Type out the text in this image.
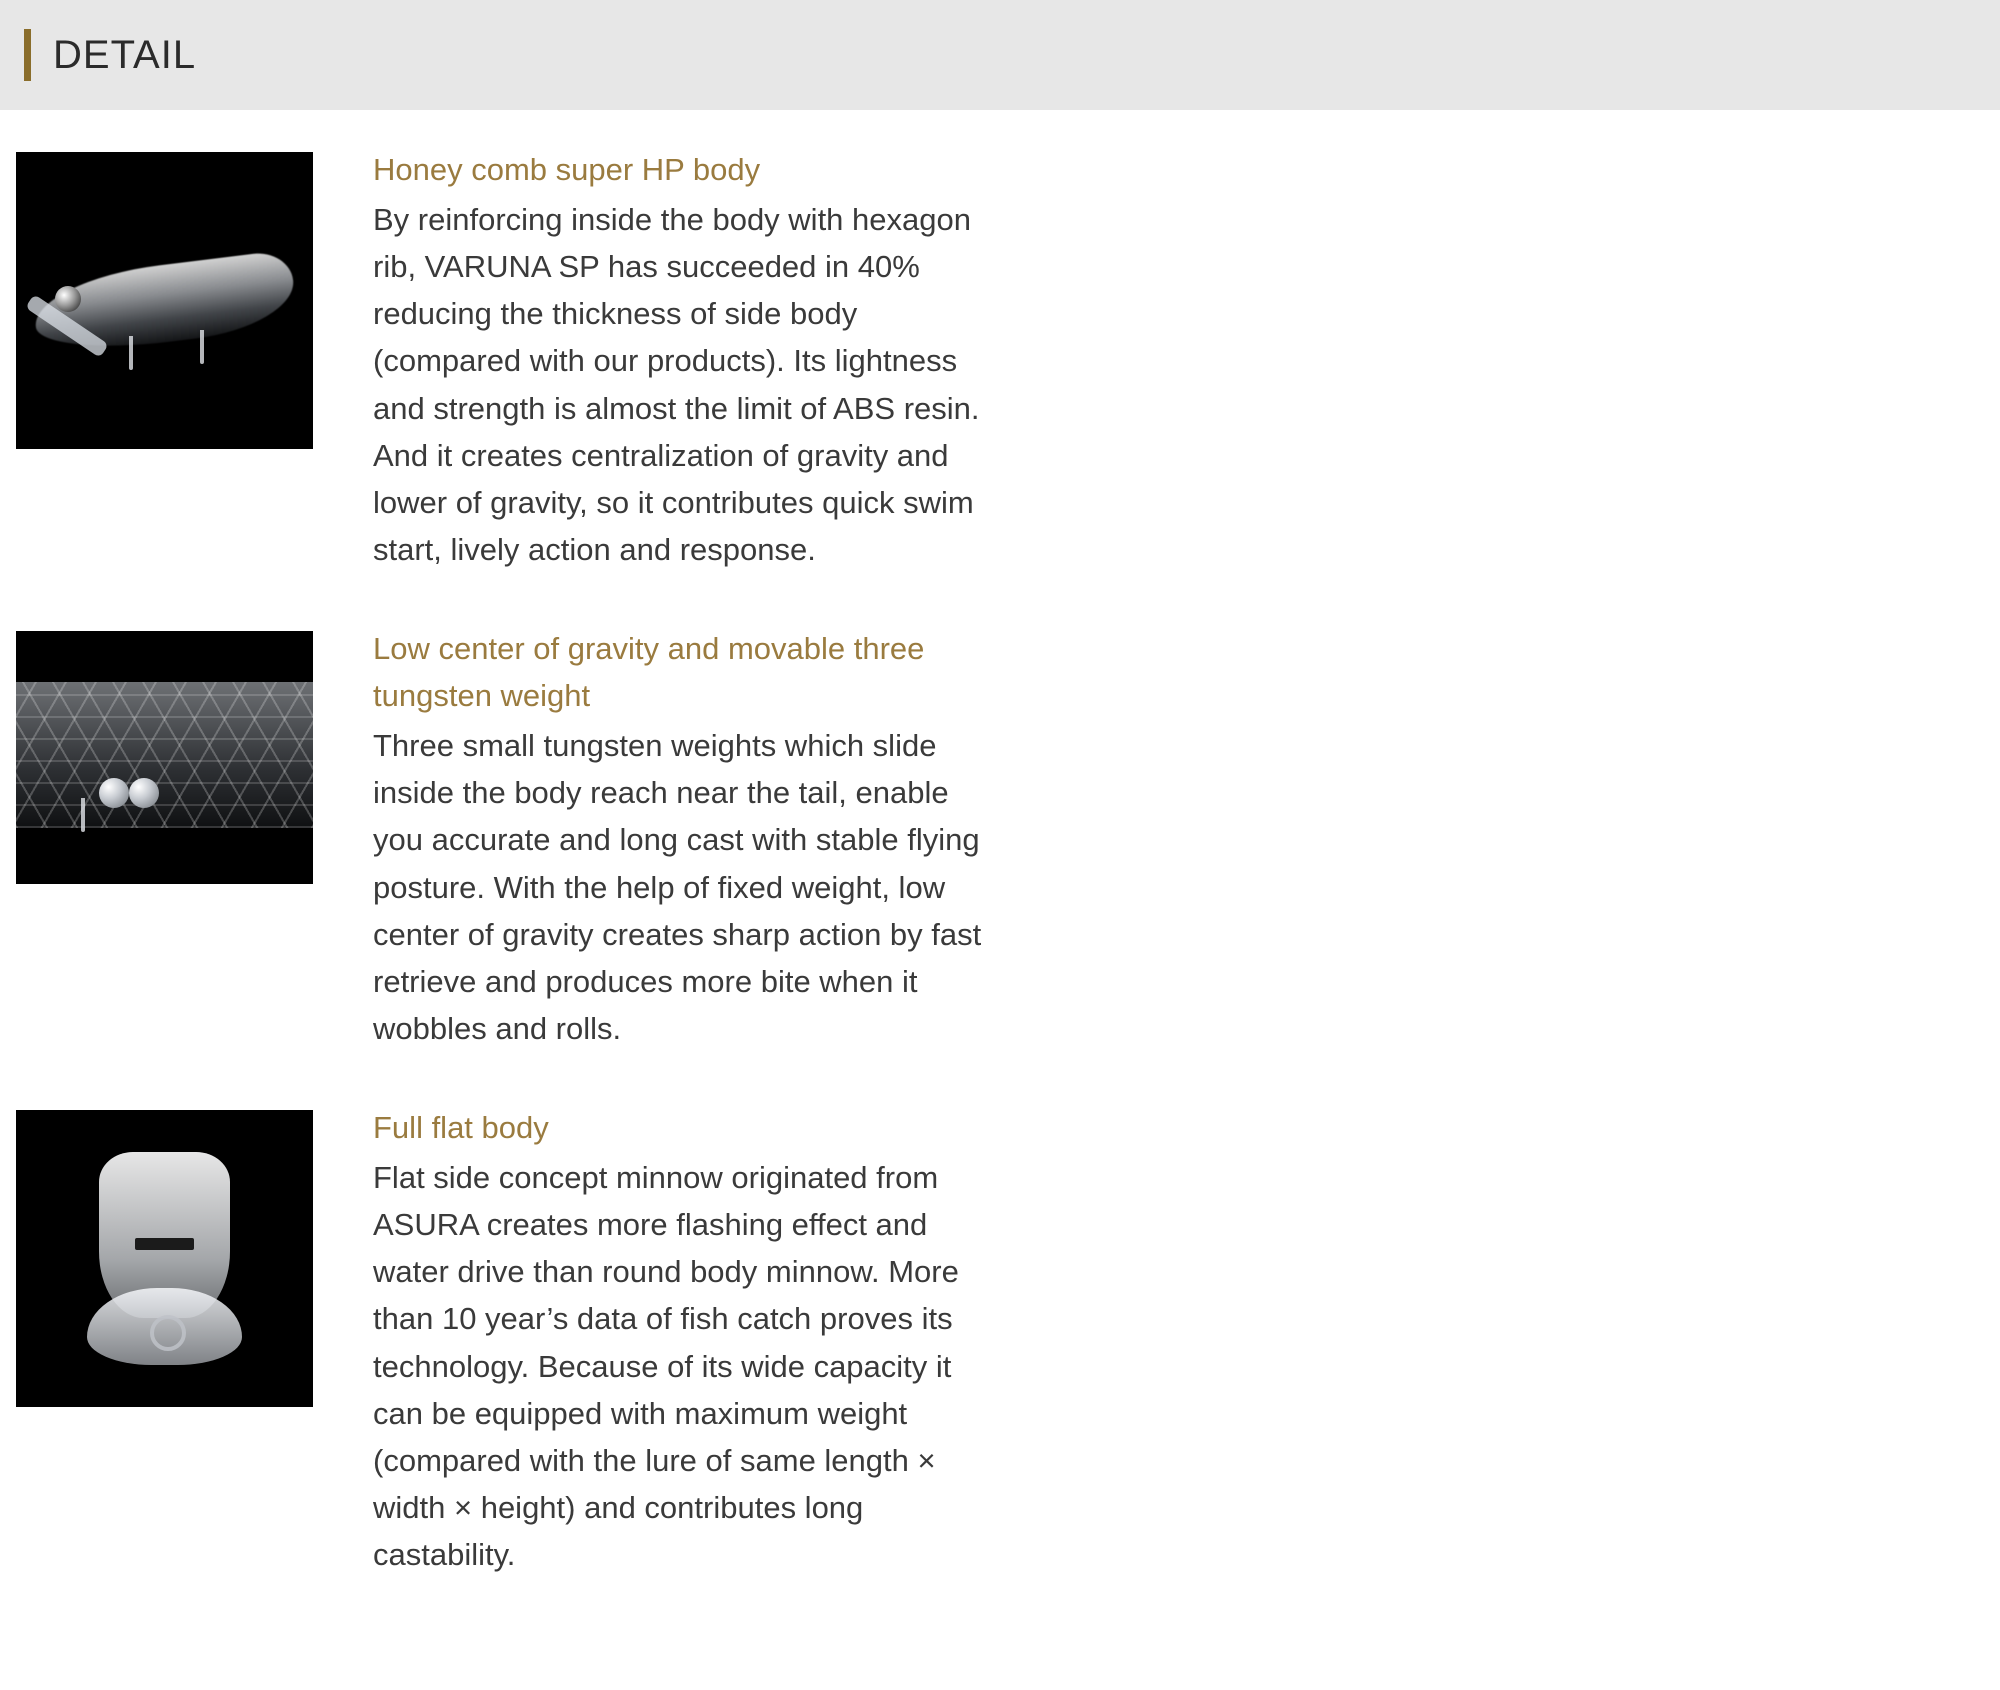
DETAIL
Honey comb super HP body

By reinforcing inside the body with hexagon rib, VARUNA SP has succeeded in 40% reducing the thickness of side body (compared with our products). Its lightness and strength is almost the limit of ABS resin. And it creates centralization of gravity and lower of gravity, so it contributes quick swim start, lively action and response.

Low center of gravity and movable three tungsten weight

Three small tungsten weights which slide inside the body reach near the tail, enable you accurate and long cast with stable flying posture. With the help of fixed weight, low center of gravity creates sharp action by fast retrieve and produces more bite when it wobbles and rolls.

Full flat body

Flat side concept minnow originated from ASURA creates more flashing effect and water drive than round body minnow. More than 10 year’s data of fish catch proves its technology. Because of its wide capacity it can be equipped with maximum weight (compared with the lure of same length × width × height) and contributes long castability.
